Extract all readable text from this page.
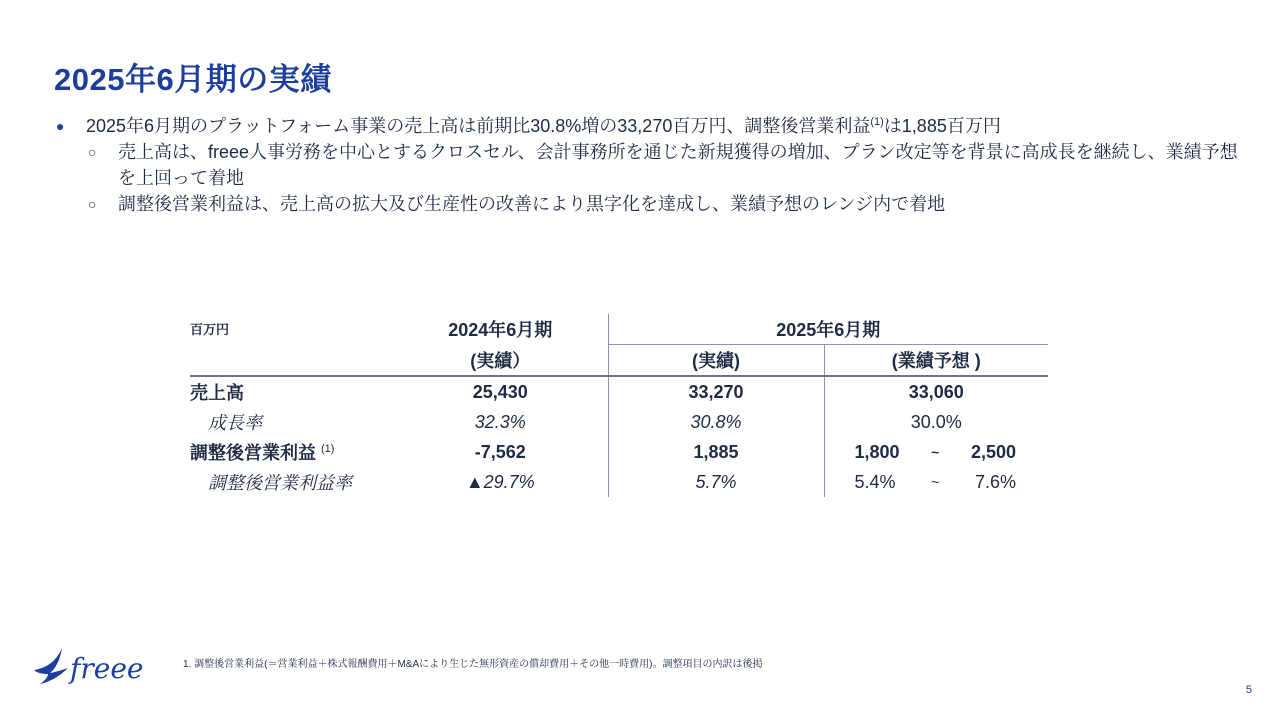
2025年6月期の実績
● 2025年6月期のプラットフォーム事業の売上高は前期比30.8%増の33,270百万円、調整後営業利益$^{(1)}$は1,885百万円
○ 売上高は、freee人事労務を中心とするクロスセル、会計事務所を通じた新規獲得の増加、プラン改定等を背景に高成長を継続し、業績予想を上回って着地
○ 調整後営業利益は、売上高の拡大及び生産性の改善により黒字化を達成し、業績予想のレンジ内で着地
$^{百万円}$	2024年6月期	2025年6月期	
	(実績）	(実績)	(業績予想 )
売上高	25,430	33,270	33,060
成長率	32.3%	30.8%	30.0%
調整後営業利益 $^{(1)}$	-7,562	1,885	1,800 ~ 2,500

調整後営業利益率	▲29.7%	5.7%	5.4% ~ 7.6%
freee	1. 調整後営業利益(＝営業利益＋株式報酬費用＋M&Aにより生じた無形資産の償却費用＋その他一時費用)。調整項目の内訳は後掲
5
